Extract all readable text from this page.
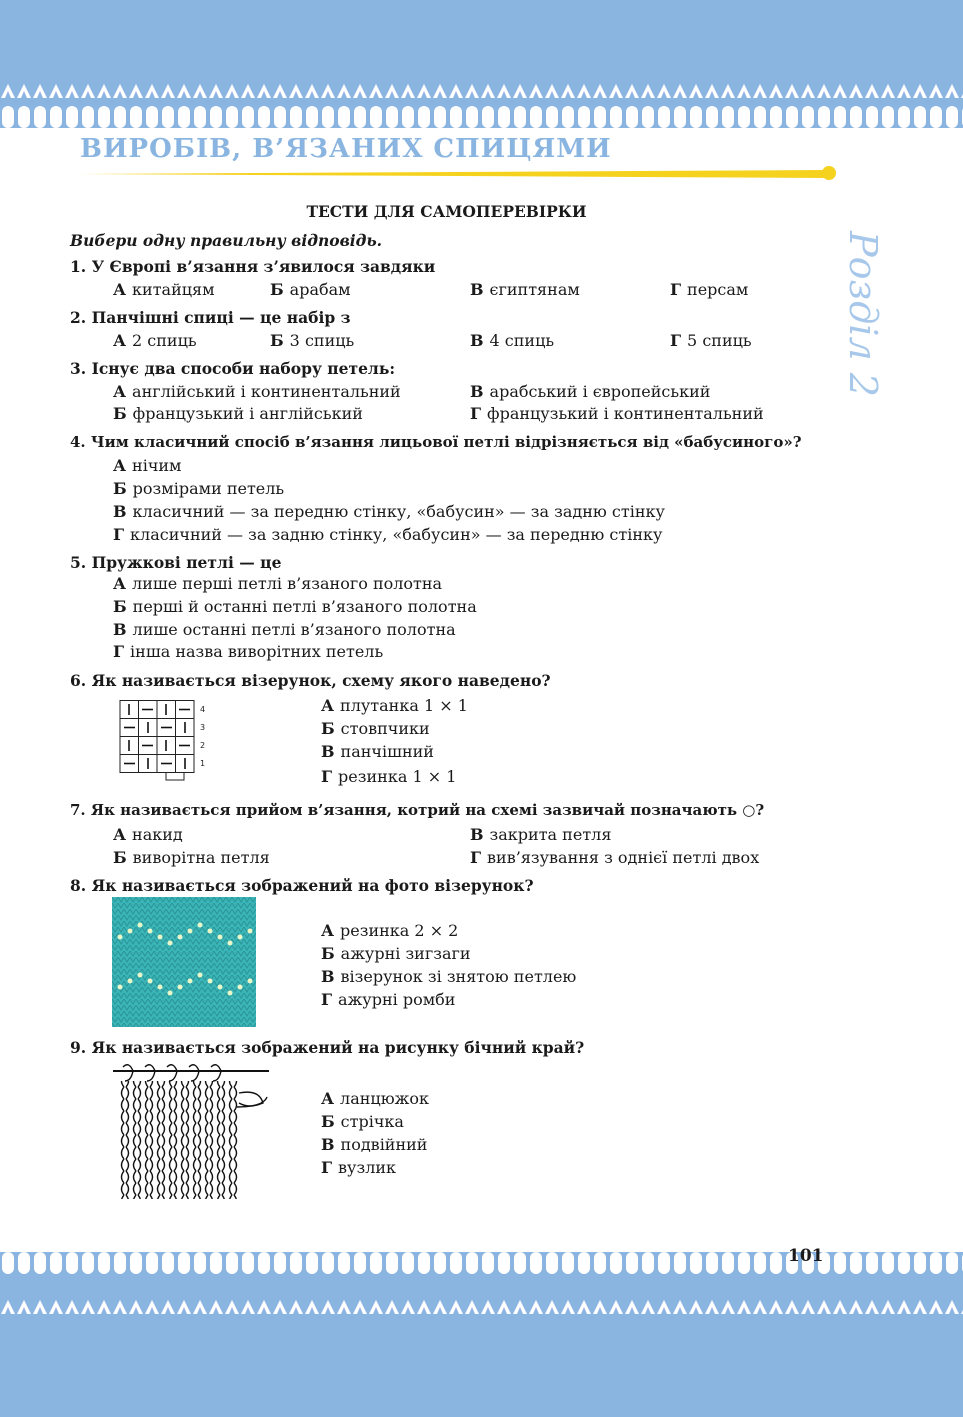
ВИРОБІВ, В’ЯЗАНИХ СПИЦЯМИ
Розділ 2
ТЕСТИ ДЛЯ САМОПЕРЕВІРКИ
Вибери одну правильну відповідь.
1. У Європі в’язання з’явилося завдяки
А китайцям	Б арабам	В єгиптянам	Г персам
2. Панчішні спиці — це набір з
А 2 спиць	Б 3 спиць	В 4 спиць	Г 5 спиць
3. Існує два способи набору петель:
А англійський і континентальний
Б французький і англійський
В арабський і європейський
Г французький і континентальний
4. Чим класичний спосіб в’язання лицьової петлі відрізняється від «бабусиного»?
А нічим
Б розмірами петель
В класичний — за передню стінку, «бабусин» — за задню стінку
Г класичний — за задню стінку, «бабусин» — за передню стінку
5. Пружкові петлі — це
А лише перші петлі в’язаного полотна
Б перші й останні петлі в’язаного полотна
В лише останні петлі в’язаного полотна
Г інша назва виворітних петель
6. Як називається візерунок, схему якого наведено?
4
3
2
1
А плутанка 1 × 1
Б стовпчики
В панчішний
Г резинка 1 × 1
7. Як називається прийом в’язання, котрий на схемі зазвичай позначають ○?
А накид
Б виворітна петля
В закрита петля
Г вив’язування з однієї петлі двох
8. Як називається зображений на фото візерунок?
А резинка 2 × 2
Б ажурні зигзаги
В візерунок зі знятою петлею
Г ажурні ромби
9. Як називається зображений на рисунку бічний край?
А ланцюжок
Б стрічка
В подвійний
Г вузлик
101
